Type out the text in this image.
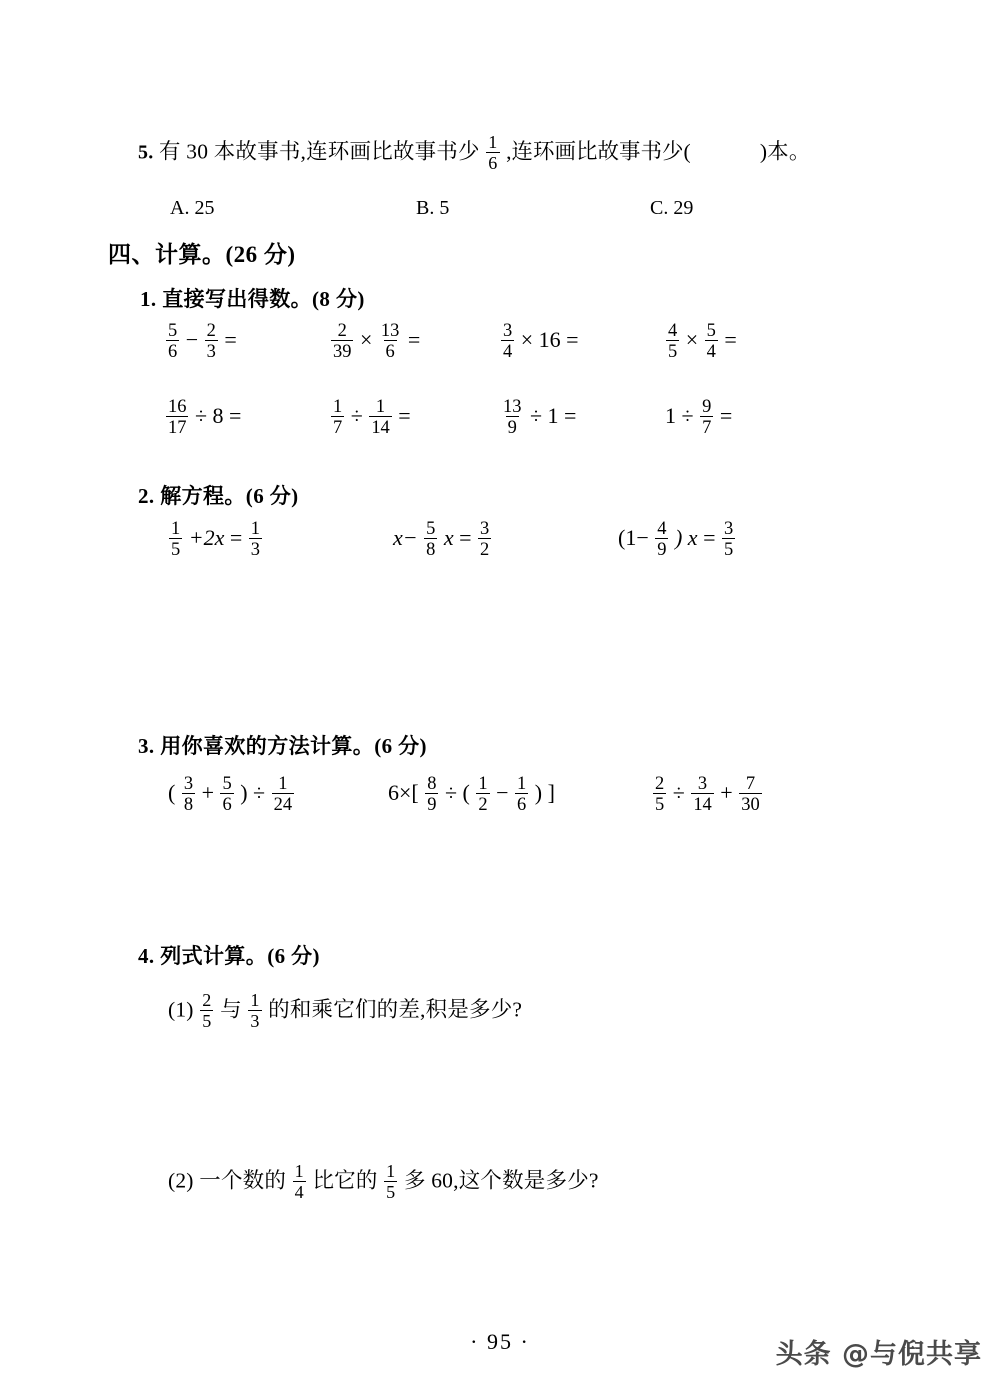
5. 有 30 本故事书,连环画比故事书少 $\frac{1}{6}$ ,连环画比故事书少(	)本。
A. 25	B. 5	C. 29
四、计算。(26 分)
1. 直接写出得数。(8 分)
$\frac{5}{6} - \frac{2}{3}$ =	$\frac{2}{39} \times \frac{13}{6}$ =	$\frac{3}{4} \times 16$ =	$\frac{4}{5} \times \frac{5}{4}$ =
$\frac{16}{17} \div 8$ =	$\frac{1}{7} \div \frac{1}{14}$ =	$\frac{13}{9} \div 1$ =	$1 \div \frac{9}{7}$ =
2. 解方程。(6 分)
$\frac{1}{5} +2x = \frac{1}{3}$	$x- \frac{5}{8}$ $x = \frac{3}{2}$	($1- \frac{4}{9}$ ) $x = \frac{3}{5}$
3. 用你喜欢的方法计算。(6 分)
( $\frac{3}{8} + \frac{5}{6}$ ) ÷ $\frac{1}{24}$	$6\times[ \frac{8}{9}$ ÷ ( $\frac{1}{2} - \frac{1}{6}$ ) ]	$\frac{2}{5} \div \frac{3}{14} + \frac{7}{30}$
4. 列式计算。(6 分)
$(1) \frac{2}{5}$ 与 $\frac{1}{3}$ 的和乘它们的差,积是多少?
(2) 一个数的 $\frac{1}{4}$ 比它的 $\frac{1}{5}$ 多 60,这个数是多少?
· 95 ·	头条 @与倪共享
